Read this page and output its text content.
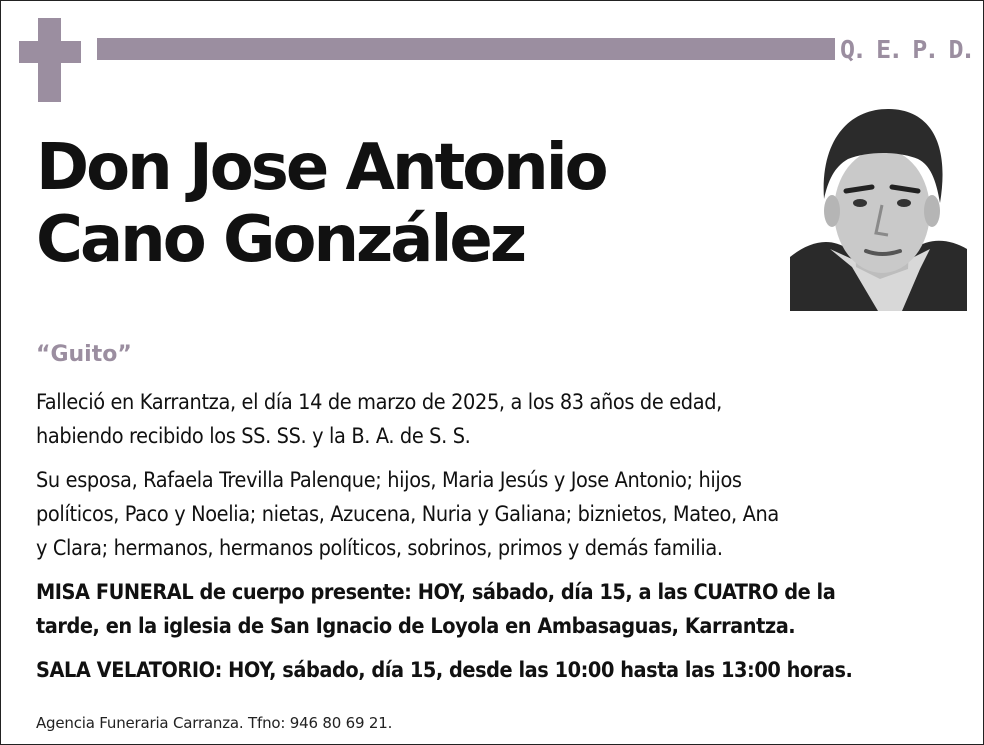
Q. E. P. D.
Don Jose Antonio
Cano González
“Guito”
Falleció en Karrantza, el día 14 de marzo de 2025, a los 83 años de edad,
habiendo recibido los SS. SS. y la B. A. de S. S.
Su esposa, Rafaela Trevilla Palenque; hijos, Maria Jesús y Jose Antonio; hijos
políticos, Paco y Noelia; nietas, Azucena, Nuria y Galiana; biznietos, Mateo, Ana
y Clara; hermanos, hermanos políticos, sobrinos, primos y demás familia.
MISA FUNERAL de cuerpo presente: HOY, sábado, día 15, a las CUATRO de la
tarde, en la iglesia de San Ignacio de Loyola en Ambasaguas, Karrantza.
SALA VELATORIO: HOY, sábado, día 15, desde las 10:00 hasta las 13:00 horas.
Agencia Funeraria Carranza. Tfno: 946 80 69 21.
